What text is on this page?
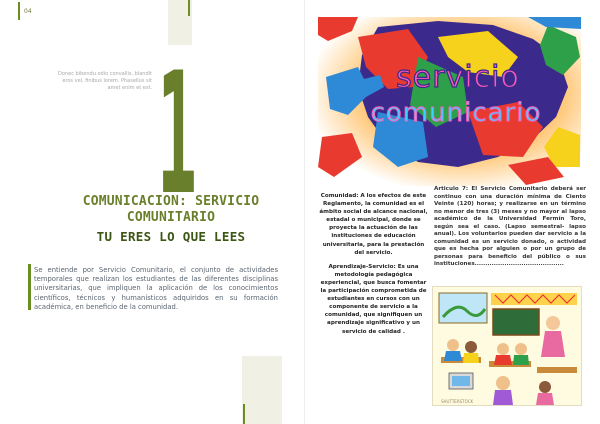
04
Donec bibendu odio convallis, blandit eros vel, finibus lorem. Phasellus sit amet enim et est. 1
COMUNICACION: SERVICIO COMUNITARIO
TU ERES LO QUE LEES
Se entiende por Servicio Comunitario, el conjunto de actividades temporales que realizan los estudiantes de las diferentes disciplinas universitarias, que impliquen la aplicación de los conocimientos científicos, técnicos y humanísticos adquiridos en su formación académica, en beneficio de la comunidad.
servicio
comunicario

Comunidad: A los efectos de este Reglamento, la comunidad es el ámbito social de alcance nacional, estadal o municipal, donde se proyecta la actuación de las instituciones de educación universitaria, para la prestación del servicio.

Aprendizaje-Servicio: Es una metodología pedagógica experiencial, que busca fomentar la participación comprometida de estudiantes en cursos con un componente de servicio a la comunidad, que signifiquen un aprendizaje significativo y un servicio de calidad .

Articulo 7: El Servicio Comunitario deberá ser continuo con una duración mínima de Ciento Veinte (120) horas; y realizarse en un término no menor de tres (3) meses y no mayor al lapso académico de la Universidad Fermín Toro, según sea el caso. (Lapso semestral- lapso anual). Los voluntarios pueden dar servicio a la comunidad es un servicio donado, o actividad que es hecha por alguien o por un grupo de personas para beneficio del público o sus instituciones..........................................
SHUTTERSTOCK
